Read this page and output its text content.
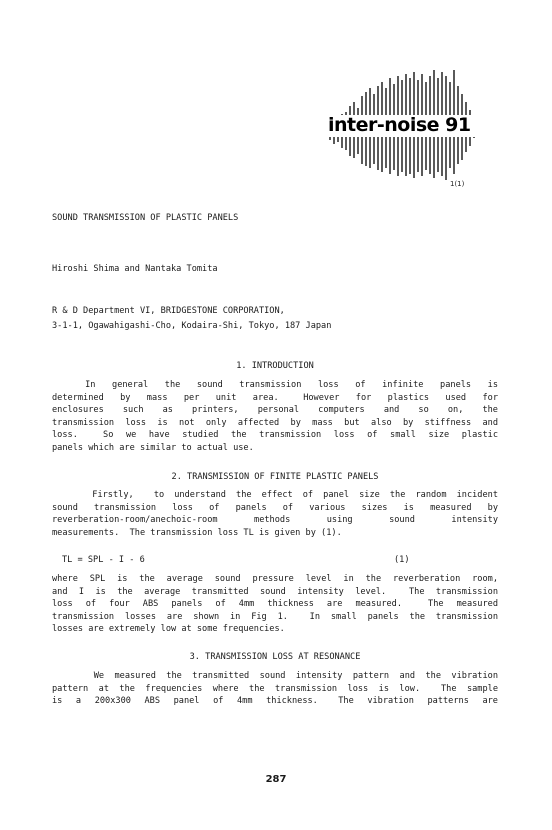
inter-noise 91
1(1)
SOUND TRANSMISSION OF PLASTIC PANELS
Hiroshi Shima and Nantaka Tomita
R & D Department VI, BRIDGESTONE CORPORATION,
3-1-1, Ogawahigashi-Cho, Kodaira-Shi, Tokyo, 187 Japan
1. INTRODUCTION
In  general  the  sound  transmission  loss  of  infinite  panels  is
determined  by  mass  per  unit  area.   However  for  plastics  used  for
enclosures  such  as  printers,  personal  computers  and  so  on,  the
transmission loss is not only affected by mass but also by stiffness and
loss.  So we have studied the transmission loss of small size plastic
panels which are similar to actual use.
2. TRANSMISSION OF FINITE PLASTIC PANELS
Firstly,  to understand the effect of panel size the random incident
sound  transmission  loss  of  panels  of  various  sizes  is  measured  by
reverberation-room/anechoic-room    methods    using    sound    intensity
measurements.  The transmission loss TL is given by (1).
TL = SPL - I - 6	(1)
where SPL is the average sound pressure level in the reverberation room,
and I is the average transmitted sound intensity level.  The transmission
loss of four ABS panels of 4mm thickness are measured.  The measured
transmission losses are shown in Fig 1.  In small panels the transmission
losses are extremely low at some frequencies.
3. TRANSMISSION LOSS AT RESONANCE
We measured the transmitted sound intensity pattern and the vibration
pattern at the frequencies where the transmission loss is low.  The sample
is  a  200x300  ABS  panel  of  4mm  thickness.   The  vibration  patterns  are
287
